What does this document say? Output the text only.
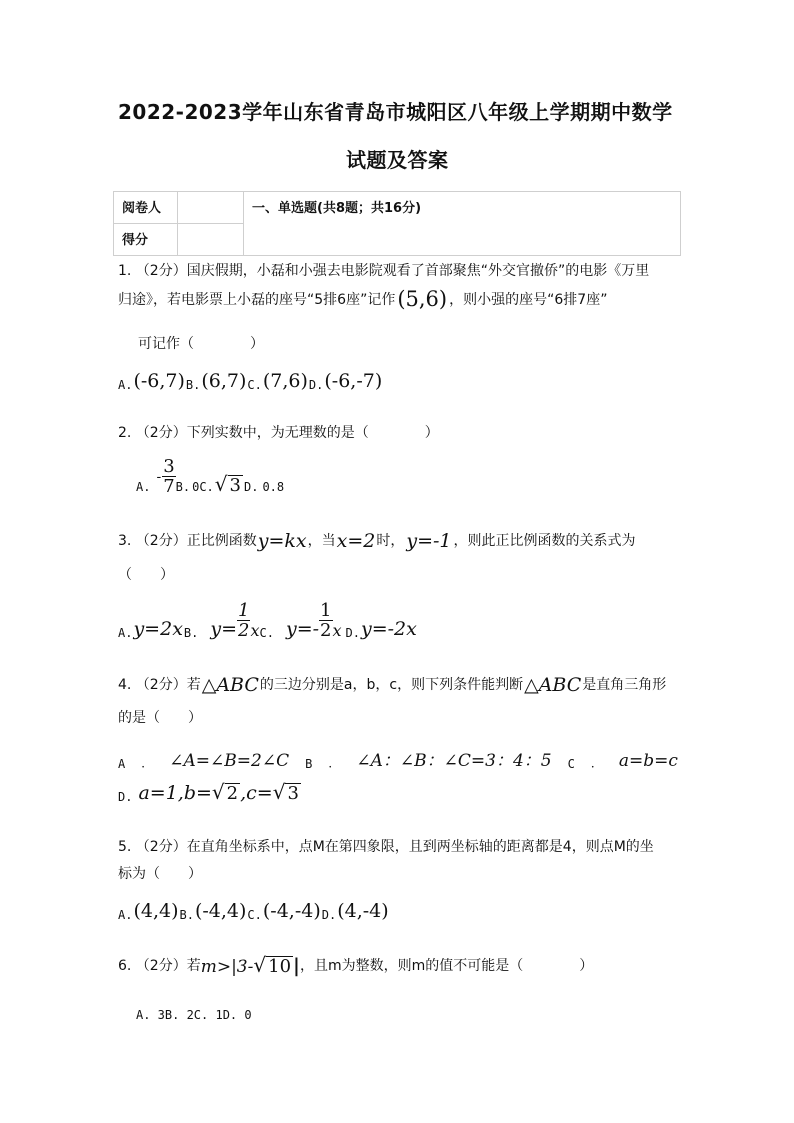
2022-2023学年山东省青岛市城阳区八年级上学期期中数学
试题及答案
阅卷人		一、单选题(共8题；共16分)
得分		
1. （2分）国庆假期，小磊和小强去电影院观看了首部聚焦“外交官撤侨”的电影《万里
归途》，若电影票上小磊的座号“5排6座”记作 (5,6) ，则小强的座号“6排7座”
可记作（　　　　）
A. (-6,7) B. (6,7) C. (7,6) D. (-6,-7)
2. （2分）下列实数中，为无理数的是（　　　　）
A.
- $\frac{3}{7} B$. 0 C. √ 3 D. 0.8
3. （2分）正比例函数 y=kx ，当 x=2 时， y=-1 ，则此正比例函数的关系式为
（　　）
A. y=2x B. $y= \frac{1}{2}$ x C. $y=- \frac{1}{2}$ x D. y=-2x
4. （2分）若 △ABC 的三边分别是a，b，c，则下列条件能判断 △ABC 是直角三角形
的是（　　）
A ． ∠A=∠B=2∠C B ． ∠A：∠B：∠C=3：4：5 C ． a=b=c
D. a=1,b= √ 2 ,c= √ 3
5. （2分）在直角坐标系中，点M在第四象限，且到两坐标轴的距离都是4，则点M的坐
标为（　　）
A. (4,4) B. (-4,4) C. (-4,-4) D. (4,-4)
6. （2分）若 m>|3- √ 10 | ，且m为整数，则m的值不可能是（　　　　）
A. 3B. 2C. 1D. 0
